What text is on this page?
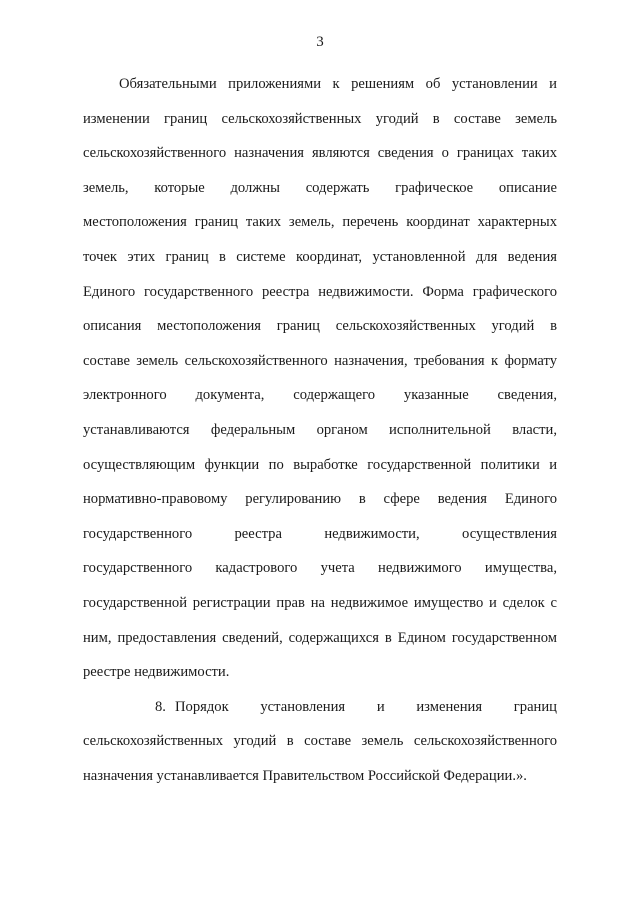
3

Обязательными приложениями к решениям об установлении и
изменении границ сельскохозяйственных угодий в составе земель
сельскохозяйственного назначения являются сведения о границах таких
земель, которые должны содержать графическое описание
местоположения границ таких земель, перечень координат характерных
точек этих границ в системе координат, установленной для ведения
Единого государственного реестра недвижимости. Форма графического
описания местоположения границ сельскохозяйственных угодий в
составе земель сельскохозяйственного назначения, требования к формату
электронного документа, содержащего указанные сведения,
устанавливаются федеральным органом исполнительной власти,
осуществляющим функции по выработке государственной политики и
нормативно-правовому регулированию в сфере ведения Единого
государственного реестра недвижимости, осуществления
государственного кадастрового учета недвижимого имущества,
государственной регистрации прав на недвижимое имущество и сделок с
ним, предоставления сведений, содержащихся в Едином государственном
реестре недвижимости.

8. Порядок установления и изменения границ
сельскохозяйственных угодий в составе земель сельскохозяйственного
назначения устанавливается Правительством Российской Федерации.».
